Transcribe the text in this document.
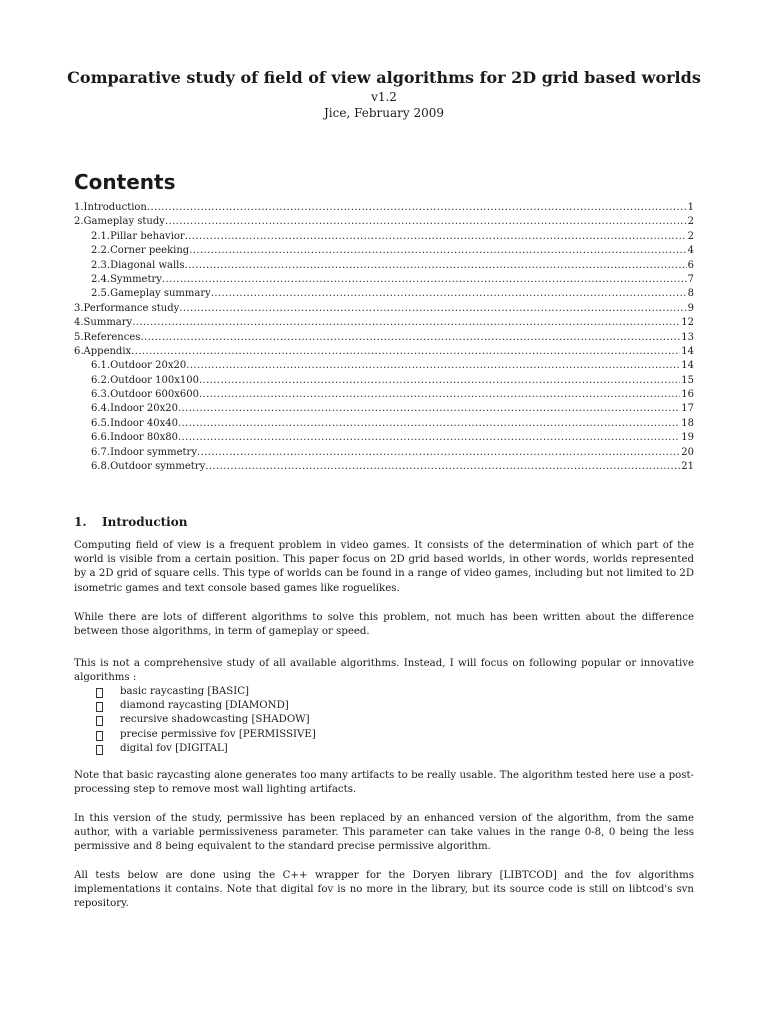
Comparative study of field of view algorithms for 2D grid based worlds
v1.2
Jice, February 2009
Contents
1.Introduction .....	1
2.Gameplay study .....	2
2.1.Pillar behavior .....	2
2.2.Corner peeking .....	4
2.3.Diagonal walls .....	6
2.4.Symmetry .....	7
2.5.Gameplay summary .....	8
3.Performance study .....	9
4.Summary .....	12
5.References .....	13
6.Appendix .....	14
6.1.Outdoor 20x20 .....	14
6.2.Outdoor 100x100 .....	15
6.3.Outdoor 600x600 .....	16
6.4.Indoor 20x20 .....	17
6.5.Indoor 40x40 .....	18
6.6.Indoor 80x80 .....	19
6.7.Indoor symmetry .....	20
6.8.Outdoor symmetry .....	21
1. Introduction

Computing field of view is a frequent problem in video games. It consists of the determination of which part of the world is visible from a certain position. This paper focus on 2D grid based worlds, in other words, worlds represented by a 2D grid of square cells. This type of worlds can be found in a range of video games, including but not limited to 2D isometric games and text console based games like roguelikes.

While there are lots of different algorithms to solve this problem, not much has been written about the difference between those algorithms, in term of gameplay or speed.

This is not a comprehensive study of all available algorithms. Instead, I will focus on following popular or innovative algorithms :

basic raycasting [BASIC]
diamond raycasting [DIAMOND]
recursive shadowcasting [SHADOW]
precise permissive fov [PERMISSIVE]
digital fov [DIGITAL]

Note that basic raycasting alone generates too many artifacts to be really usable. The algorithm tested here use a post-processing step to remove most wall lighting artifacts.

In this version of the study, permissive has been replaced by an enhanced version of the algorithm, from the same author, with a variable permissiveness parameter. This parameter can take values in the range 0-8, 0 being the less permissive and 8 being equivalent to the standard precise permissive algorithm.

All tests below are done using the C++ wrapper for the Doryen library [LIBTCOD] and the fov algorithms implementations it contains. Note that digital fov is no more in the library, but its source code is still on libtcod's svn repository.
